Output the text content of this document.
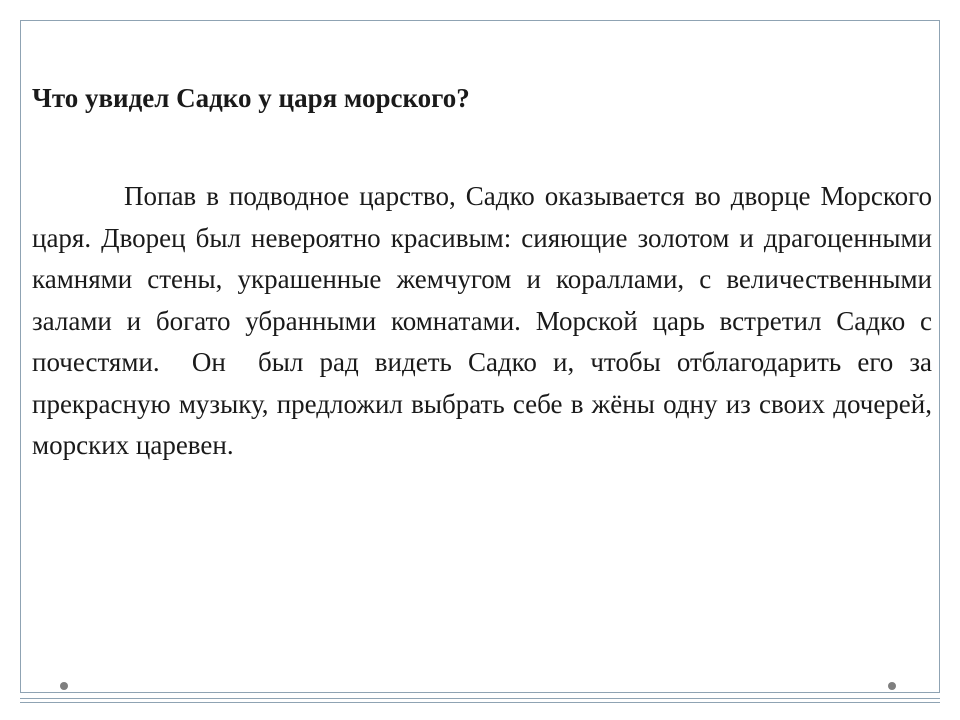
Что увидел Садко у царя морского?

Попав в подводное царство, Садко оказывается во дворце Морского царя. Дворец был невероятно красивым: сияющие золотом и драгоценными камнями стены, украшенные жемчугом и кораллами, с величественными залами и богато убранными комнатами. Морской царь встретил Садко с почестями.  Он  был рад видеть Садко и, чтобы отблагодарить его за прекрасную музыку, предложил выбрать себе в жёны одну из своих дочерей, морских царевен.
